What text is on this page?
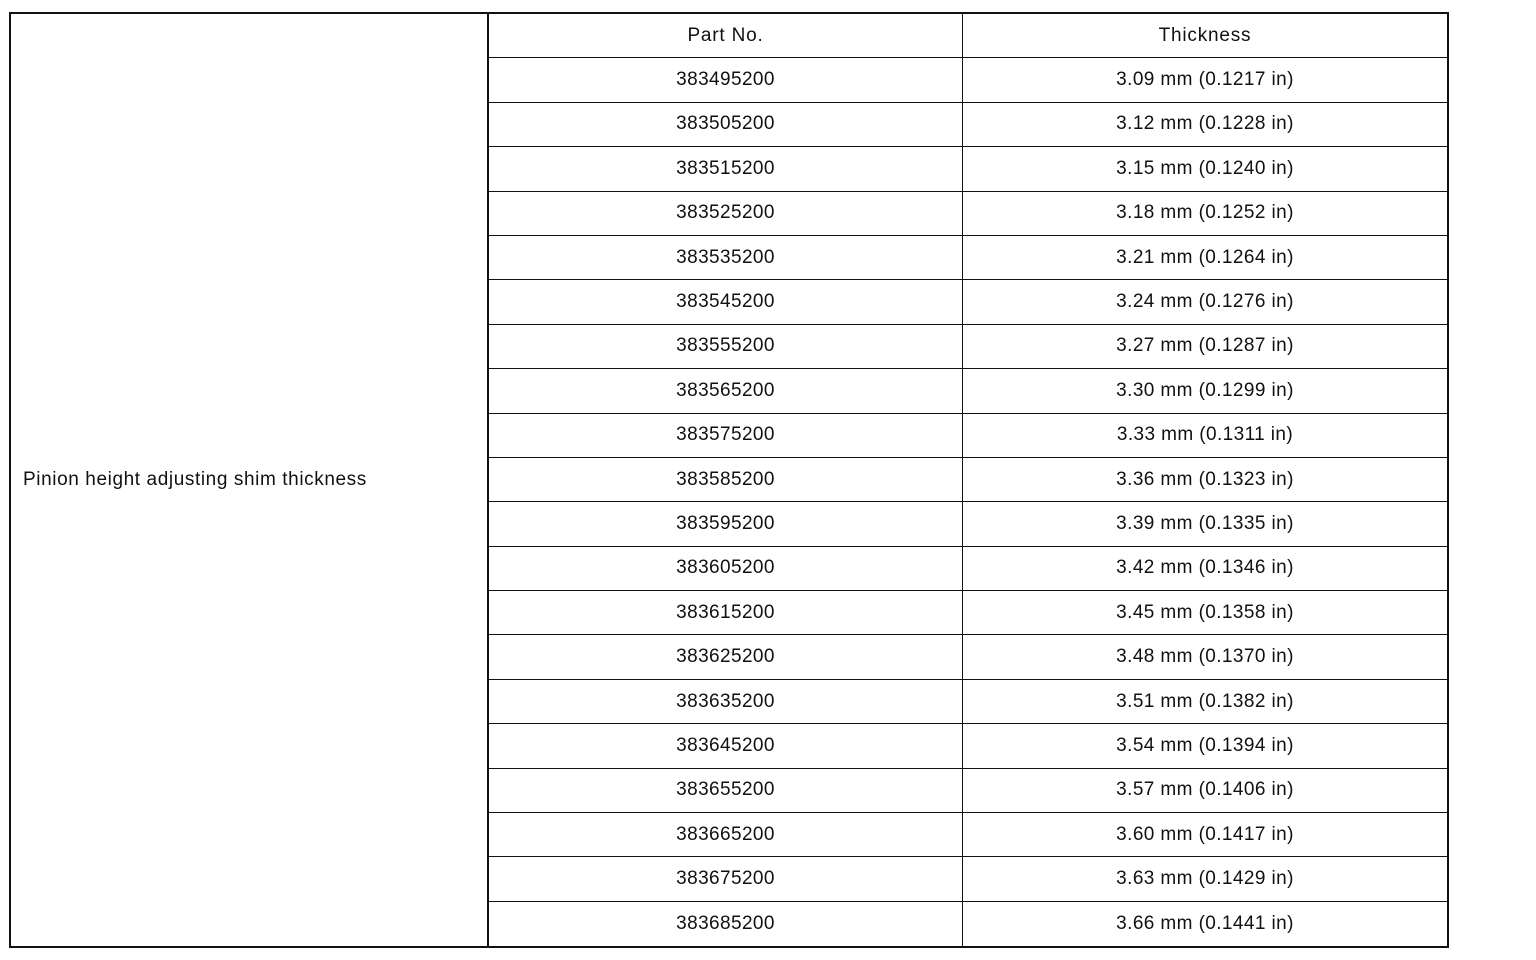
Pinion height adjusting shim thickness
Part No.	Thickness
383495200	3.09 mm (0.1217 in)
383505200	3.12 mm (0.1228 in)
383515200	3.15 mm (0.1240 in)
383525200	3.18 mm (0.1252 in)
383535200	3.21 mm (0.1264 in)
383545200	3.24 mm (0.1276 in)
383555200	3.27 mm (0.1287 in)
383565200	3.30 mm (0.1299 in)
383575200	3.33 mm (0.1311 in)
383585200	3.36 mm (0.1323 in)
383595200	3.39 mm (0.1335 in)
383605200	3.42 mm (0.1346 in)
383615200	3.45 mm (0.1358 in)
383625200	3.48 mm (0.1370 in)
383635200	3.51 mm (0.1382 in)
383645200	3.54 mm (0.1394 in)
383655200	3.57 mm (0.1406 in)
383665200	3.60 mm (0.1417 in)
383675200	3.63 mm (0.1429 in)
383685200	3.66 mm (0.1441 in)
